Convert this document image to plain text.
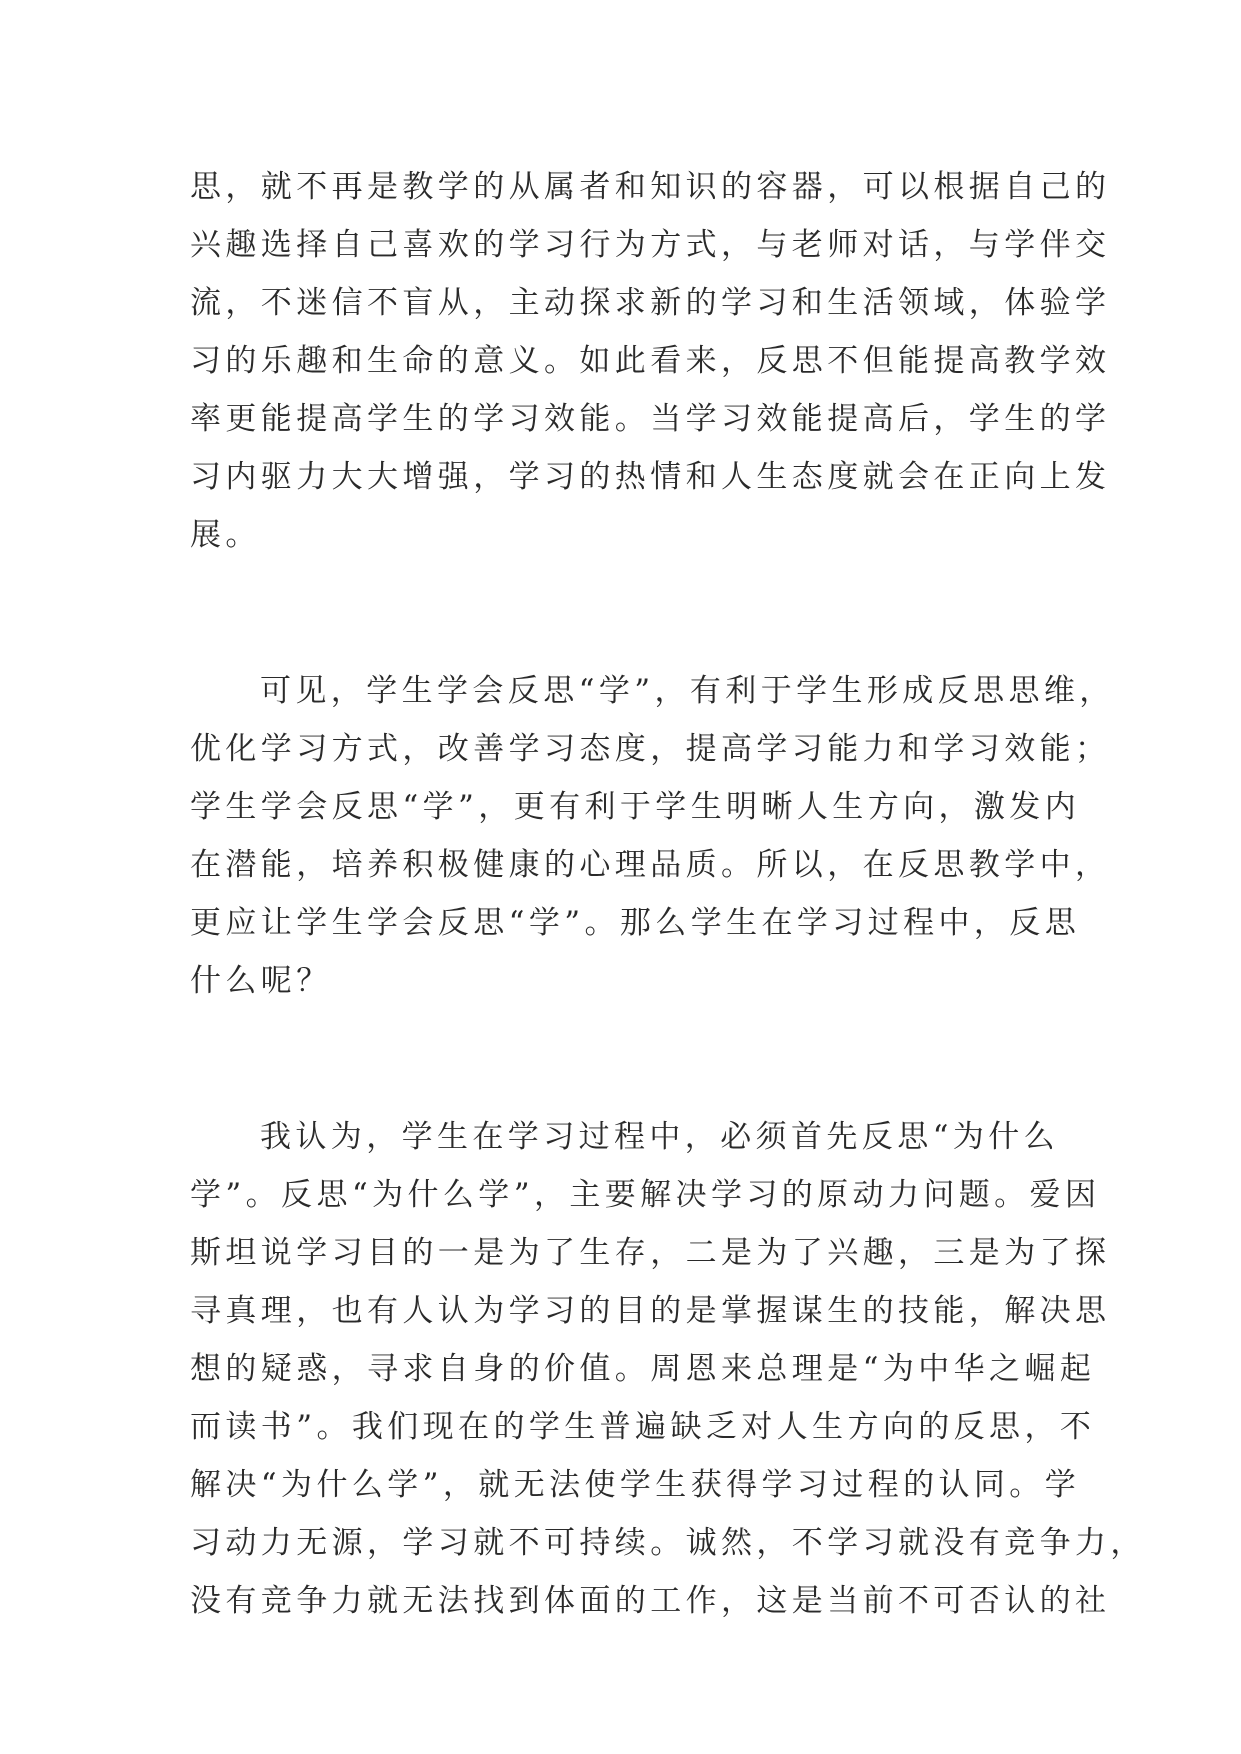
思，就不再是教学的从属者和知识的容器，可以根据自己的
兴趣选择自己喜欢的学习行为方式，与老师对话，与学伴交
流，不迷信不盲从，主动探求新的学习和生活领域，体验学
习的乐趣和生命的意义。如此看来，反思不但能提高教学效
率更能提高学生的学习效能。当学习效能提高后，学生的学
习内驱力大大增强，学习的热情和人生态度就会在正向上发
展。
可见，学生学会反思“学”，有利于学生形成反思思维，
优化学习方式，改善学习态度，提高学习能力和学习效能；
学生学会反思“学”，更有利于学生明晰人生方向，激发内
在潜能，培养积极健康的心理品质。所以，在反思教学中，
更应让学生学会反思“学”。那么学生在学习过程中，反思
什么呢？
我认为，学生在学习过程中，必须首先反思“为什么
学”。反思“为什么学”，主要解决学习的原动力问题。爱因
斯坦说学习目的一是为了生存，二是为了兴趣，三是为了探
寻真理，也有人认为学习的目的是掌握谋生的技能，解决思
想的疑惑，寻求自身的价值。周恩来总理是“为中华之崛起
而读书”。我们现在的学生普遍缺乏对人生方向的反思，不
解决“为什么学”，就无法使学生获得学习过程的认同。学
习动力无源，学习就不可持续。诚然，不学习就没有竞争力，
没有竞争力就无法找到体面的工作，这是当前不可否认的社
